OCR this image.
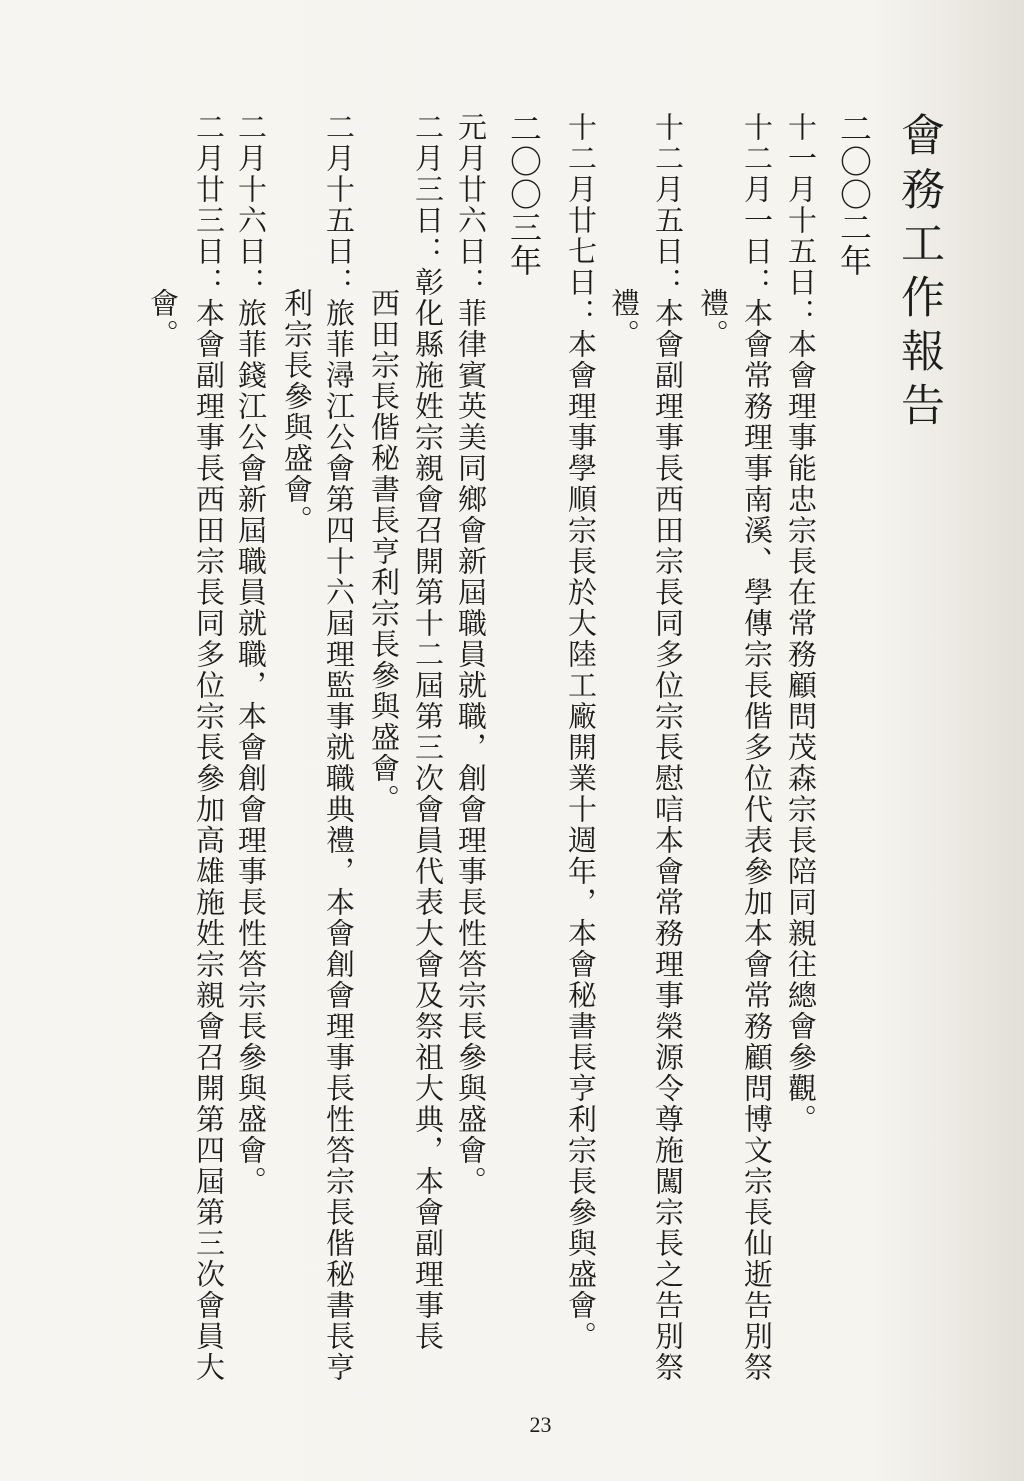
會務工作報告
二〇〇二年
十一月十五日：本會理事能忠宗長在常務顧問茂森宗長陪同親往總會參觀。
十二月一日：本會常務理事南溪、學傳宗長偕多位代表參加本會常務顧問博文宗長仙逝告別祭
禮。
十二月五日：本會副理事長西田宗長同多位宗長慰唁本會常務理事榮源令尊施闖宗長之告別祭
禮。
十二月廿七日：本會理事學順宗長於大陸工廠開業十週年，本會秘書長亨利宗長參與盛會。
二〇〇三年
元月廿六日：菲律賓英美同鄉會新屆職員就職，創會理事長性答宗長參與盛會。
二月三日：彰化縣施姓宗親會召開第十二屆第三次會員代表大會及祭祖大典，本會副理事長
西田宗長偕秘書長亨利宗長參與盛會。
二月十五日：旅菲潯江公會第四十六屆理監事就職典禮，本會創會理事長性答宗長偕秘書長亨
利宗長參與盛會。
二月十六日：旅菲錢江公會新屆職員就職，本會創會理事長性答宗長參與盛會。
二月廿三日：本會副理事長西田宗長同多位宗長參加高雄施姓宗親會召開第四屆第三次會員大
會。
23
